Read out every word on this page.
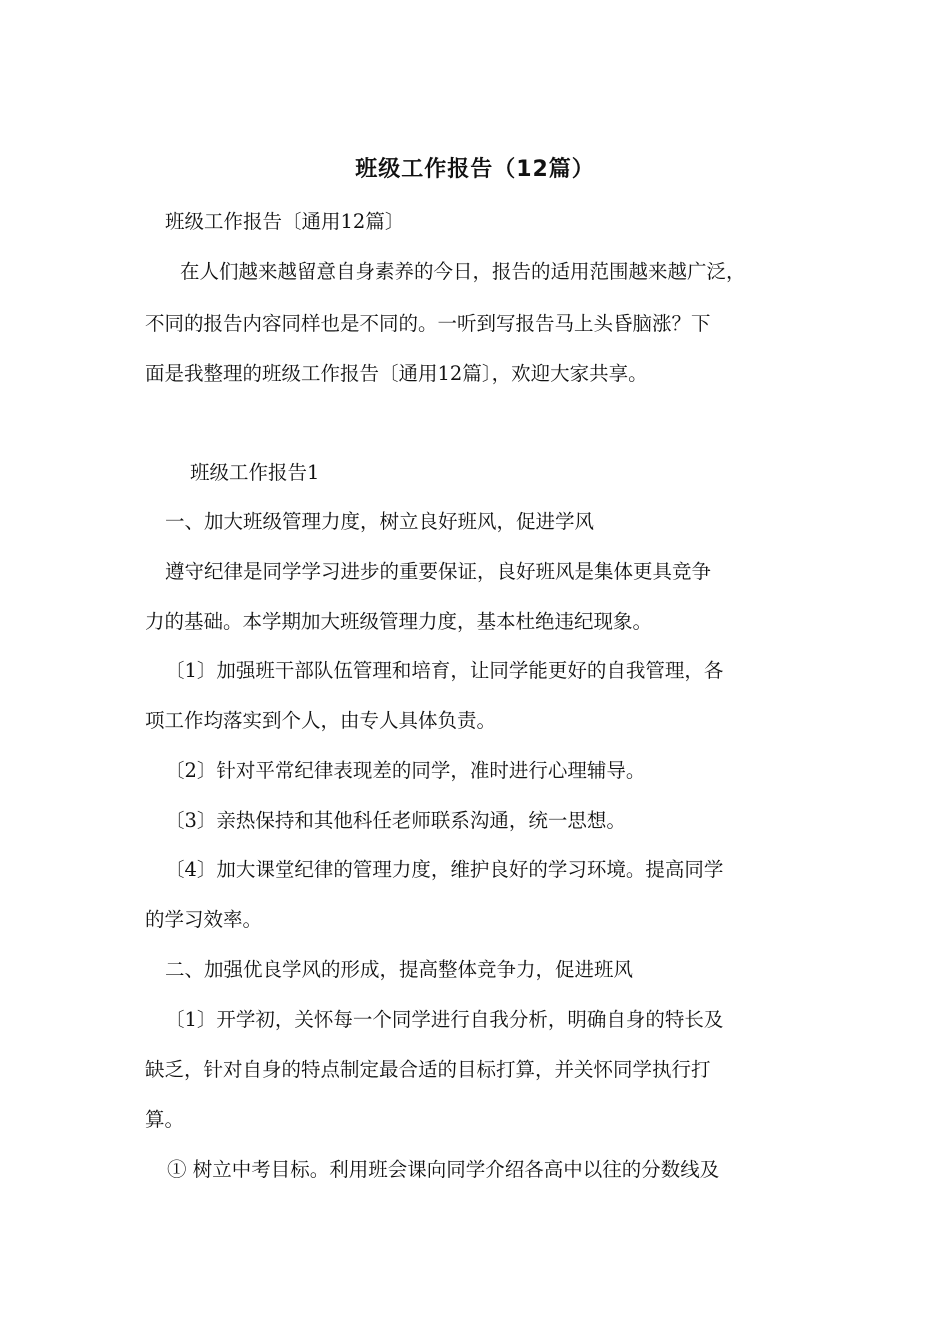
班级工作报告（12篇）
班级工作报告〔通用12篇〕
在人们越来越留意自身素养的今日，报告的适用范围越来越广泛，
不同的报告内容同样也是不同的。一听到写报告马上头昏脑涨？下
面是我整理的班级工作报告〔通用12篇〕，欢迎大家共享。
班级工作报告1
一、加大班级管理力度，树立良好班风，促进学风
遵守纪律是同学学习进步的重要保证，良好班风是集体更具竞争
力的基础。本学期加大班级管理力度，基本杜绝违纪现象。
〔1〕加强班干部队伍管理和培育，让同学能更好的自我管理，各
项工作均落实到个人，由专人具体负责。
〔2〕针对平常纪律表现差的同学，准时进行心理辅导。
〔3〕亲热保持和其他科任老师联系沟通，统一思想。
〔4〕加大课堂纪律的管理力度，维护良好的学习环境。提高同学
的学习效率。
二、加强优良学风的形成，提高整体竞争力，促进班风
〔1〕开学初，关怀每一个同学进行自我分析，明确自身的特长及
缺乏，针对自身的特点制定最合适的目标打算，并关怀同学执行打
算。
① 树立中考目标。利用班会课向同学介绍各高中以往的分数线及
